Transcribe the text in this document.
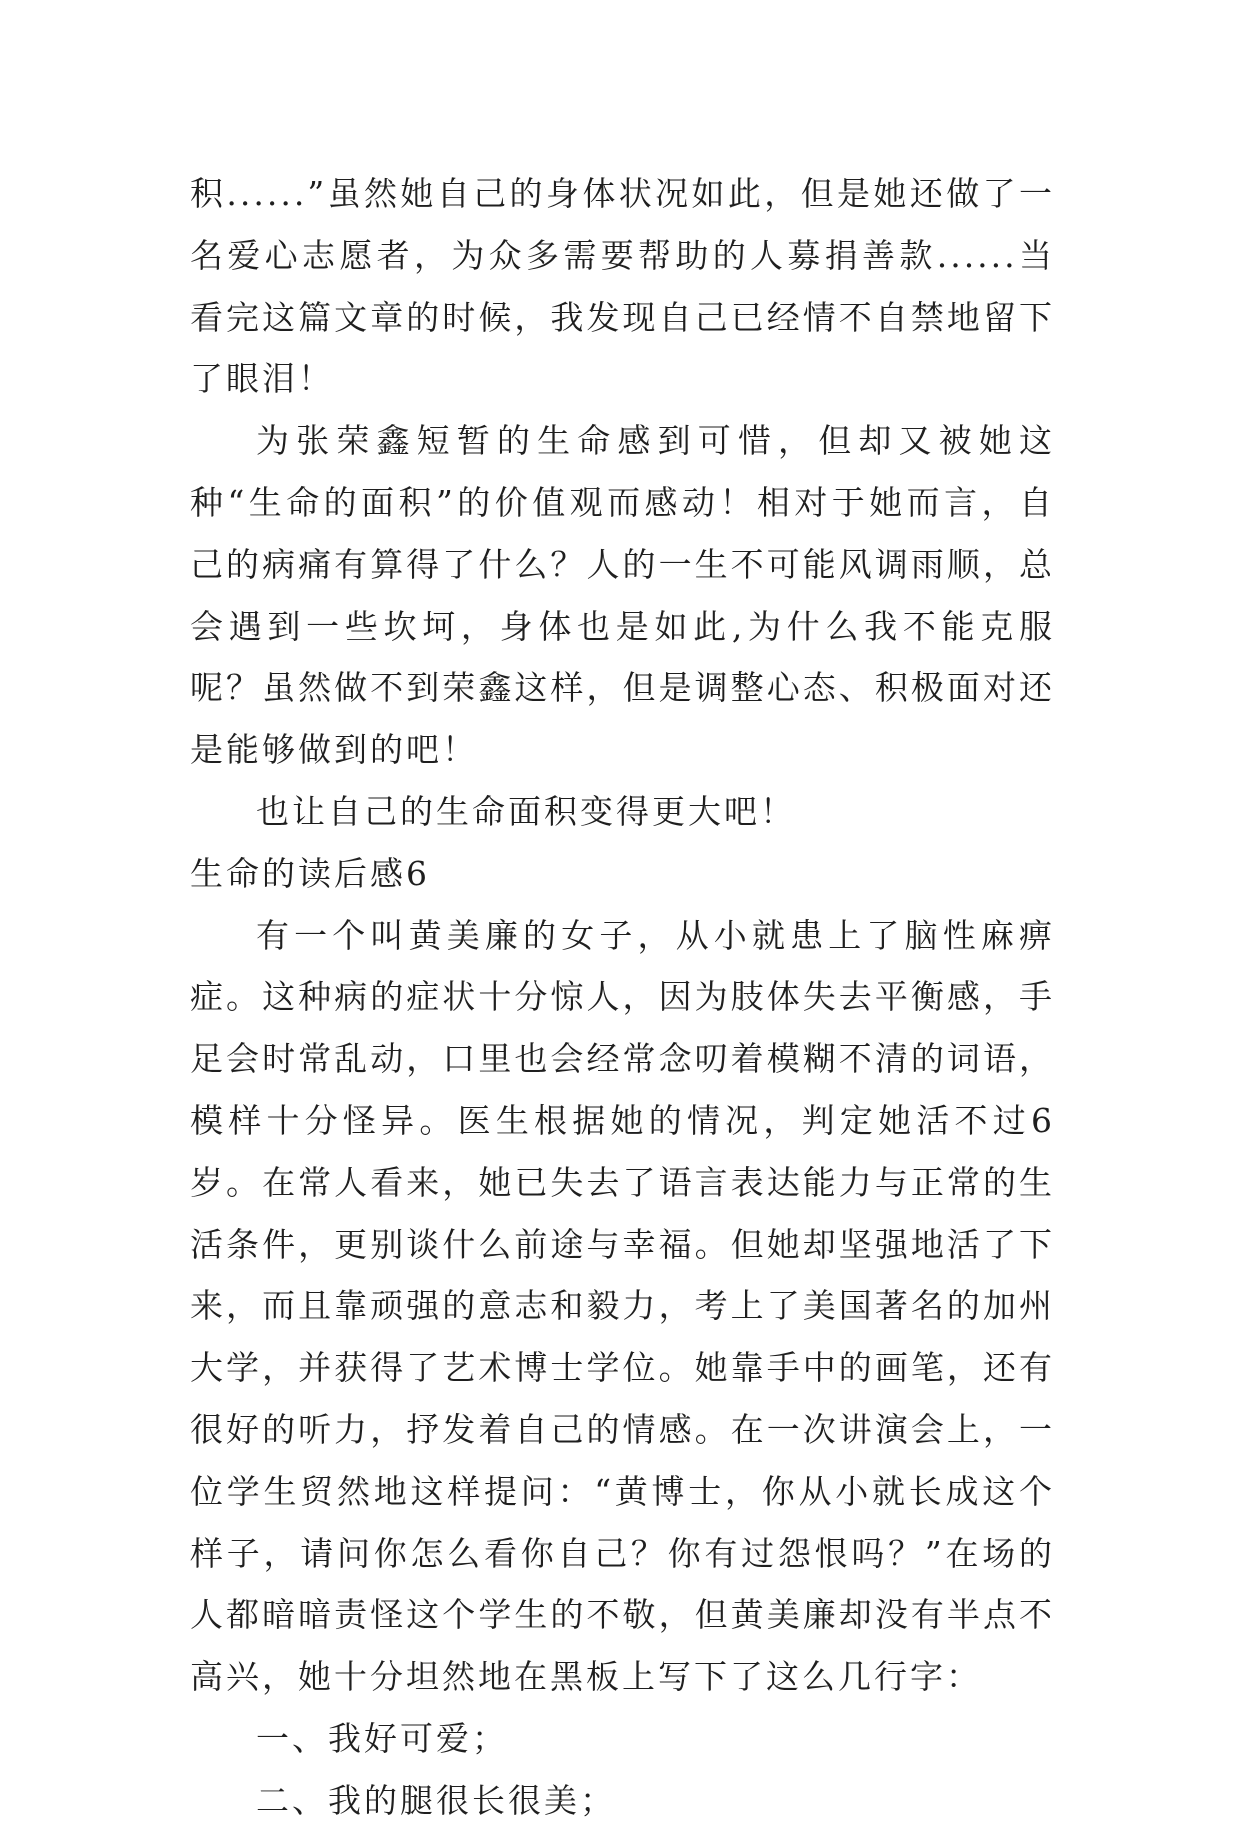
积......”虽然她自己的身体状况如此，但是她还做了一名爱心志愿者，为众多需要帮助的人募捐善款......当看完这篇文章的时候，我发现自己已经情不自禁地留下了眼泪！

为张荣鑫短暂的生命感到可惜，但却又被她这种“生命的面积”的价值观而感动！相对于她而言，自己的病痛有算得了什么？人的一生不可能风调雨顺，总会遇到一些坎坷，身体也是如此,为什么我不能克服呢？虽然做不到荣鑫这样，但是调整心态、积极面对还是能够做到的吧！

也让自己的生命面积变得更大吧！

生命的读后感6

有一个叫黄美廉的女子，从小就患上了脑性麻痹症。这种病的症状十分惊人，因为肢体失去平衡感，手足会时常乱动，口里也会经常念叨着模糊不清的词语，模样十分怪异。医生根据她的情况，判定她活不过6岁。在常人看来，她已失去了语言表达能力与正常的生活条件，更别谈什么前途与幸福。但她却坚强地活了下来，而且靠顽强的意志和毅力，考上了美国著名的加州大学，并获得了艺术博士学位。她靠手中的画笔，还有很好的听力，抒发着自己的情感。在一次讲演会上，一位学生贸然地这样提问：“黄博士，你从小就长成这个样子，请问你怎么看你自己？你有过怨恨吗？”在场的人都暗暗责怪这个学生的不敬，但黄美廉却没有半点不高兴，她十分坦然地在黑板上写下了这么几行字：

一、我好可爱；

二、我的腿很长很美；
